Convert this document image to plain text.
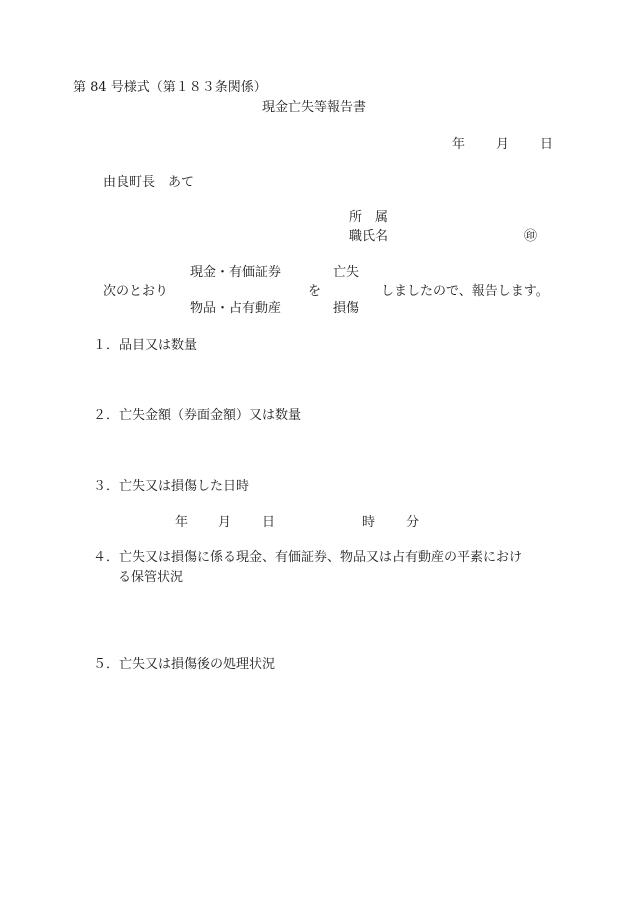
第 84 号様式（第１８３条関係）
現金亡失等報告書
年 月 日
由良町長　あて
所　属
職氏名	㊞
現金・有価証券	亡失
次のとおり	を	しましたので、報告します。
物品・占有動産	損傷
１．品目又は数量
２．亡失金額（券面金額）又は数量
３．亡失又は損傷した日時
年 月 日	時 分
４．亡失又は損傷に係る現金、有価証券、物品又は占有動産の平素におけ
る保管状況
５．亡失又は損傷後の処理状況
